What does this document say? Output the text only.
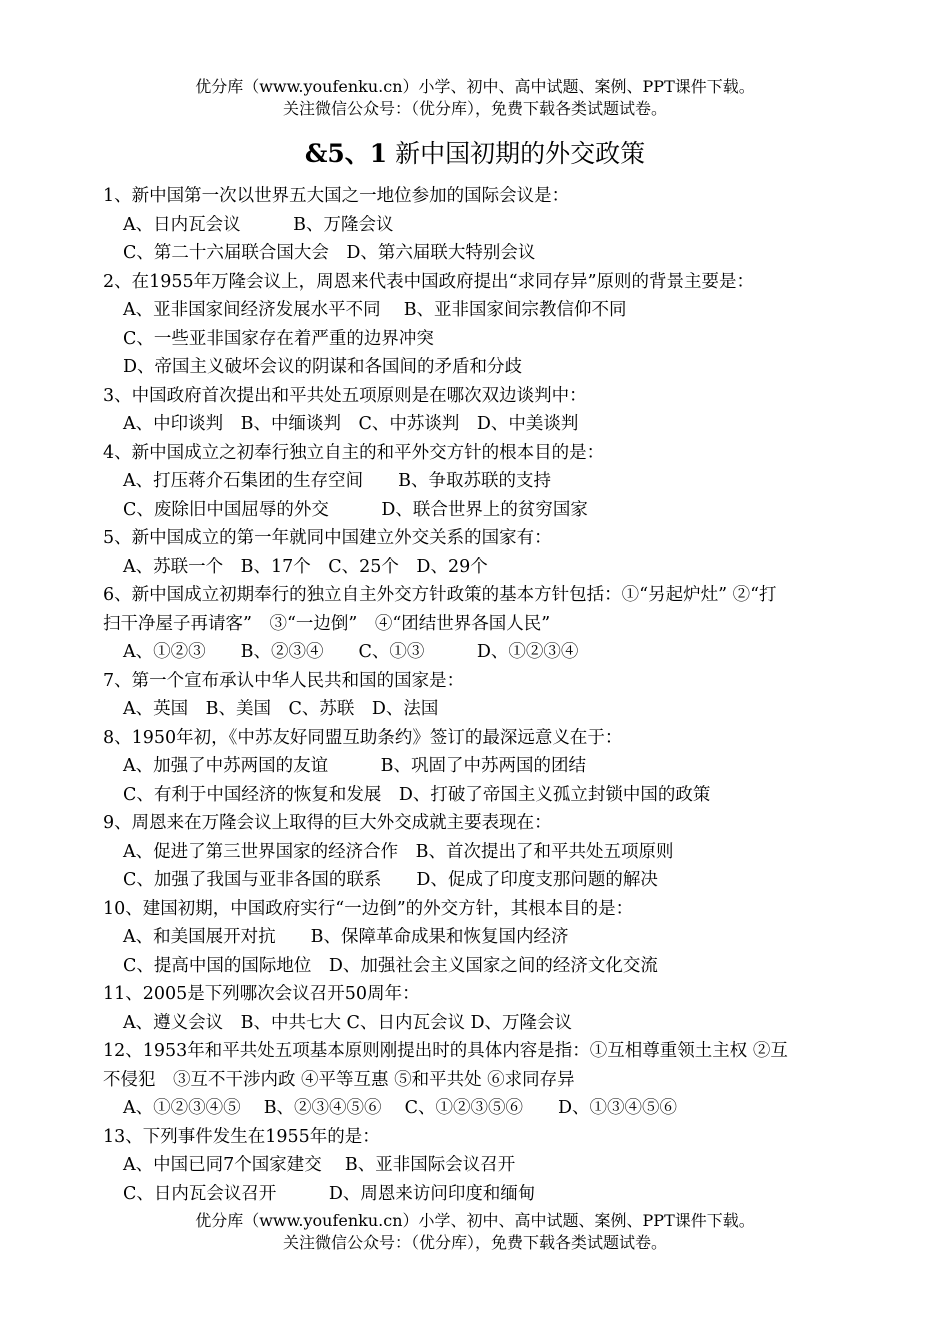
优分库（www.youfenku.cn）小学、初中、高中试题、案例、PPT课件下载。
关注微信公众号：（优分库），免费下载各类试题试卷。
&5、1 新中国初期的外交政策
1、新中国第一次以世界五大国之一地位参加的国际会议是：
A、日内瓦会议　　　B、万隆会议
C、第二十六届联合国大会　D、第六届联大特别会议
2、在1955年万隆会议上，周恩来代表中国政府提出“求同存异”原则的背景主要是：
A、亚非国家间经济发展水平不同　 B、亚非国家间宗教信仰不同
C、一些亚非国家存在着严重的边界冲突
D、帝国主义破坏会议的阴谋和各国间的矛盾和分歧
3、中国政府首次提出和平共处五项原则是在哪次双边谈判中：
A、中印谈判　B、中缅谈判　C、中苏谈判　D、中美谈判
4、新中国成立之初奉行独立自主的和平外交方针的根本目的是：
A、打压蒋介石集团的生存空间　　B、争取苏联的支持
C、废除旧中国屈辱的外交　　　D、联合世界上的贫穷国家
5、新中国成立的第一年就同中国建立外交关系的国家有：
A、苏联一个　B、17个　C、25个　D、29个
6、新中国成立初期奉行的独立自主外交方针政策的基本方针包括：①“另起炉灶” ②“打
扫干净屋子再请客”　③“一边倒”　④“团结世界各国人民”
A、①②③　　B、②③④　　C、①③　　　D、①②③④
7、第一个宣布承认中华人民共和国的国家是：
A、英国　B、美国　C、苏联　D、法国
8、1950年初，《中苏友好同盟互助条约》签订的最深远意义在于：
A、加强了中苏两国的友谊　　　B、巩固了中苏两国的团结
C、有利于中国经济的恢复和发展　D、打破了帝国主义孤立封锁中国的政策
9、周恩来在万隆会议上取得的巨大外交成就主要表现在：
A、促进了第三世界国家的经济合作　B、首次提出了和平共处五项原则
C、加强了我国与亚非各国的联系　　D、促成了印度支那问题的解决
10、建国初期，中国政府实行“一边倒”的外交方针，其根本目的是：
A、和美国展开对抗　　B、保障革命成果和恢复国内经济
C、提高中国的国际地位　D、加强社会主义国家之间的经济文化交流
11、2005是下列哪次会议召开50周年：
A、遵义会议　B、中共七大 C、日内瓦会议 D、万隆会议
12、1953年和平共处五项基本原则刚提出时的具体内容是指：①互相尊重领土主权 ②互
不侵犯　③互不干涉内政 ④平等互惠 ⑤和平共处 ⑥求同存异
A、①②③④⑤　 B、②③④⑤⑥　 C、①②③⑤⑥　　D、①③④⑤⑥
13、下列事件发生在1955年的是：
A、中国已同7个国家建交　 B、亚非国际会议召开
C、日内瓦会议召开　　　D、周恩来访问印度和缅甸
优分库（www.youfenku.cn）小学、初中、高中试题、案例、PPT课件下载。
关注微信公众号：（优分库），免费下载各类试题试卷。
